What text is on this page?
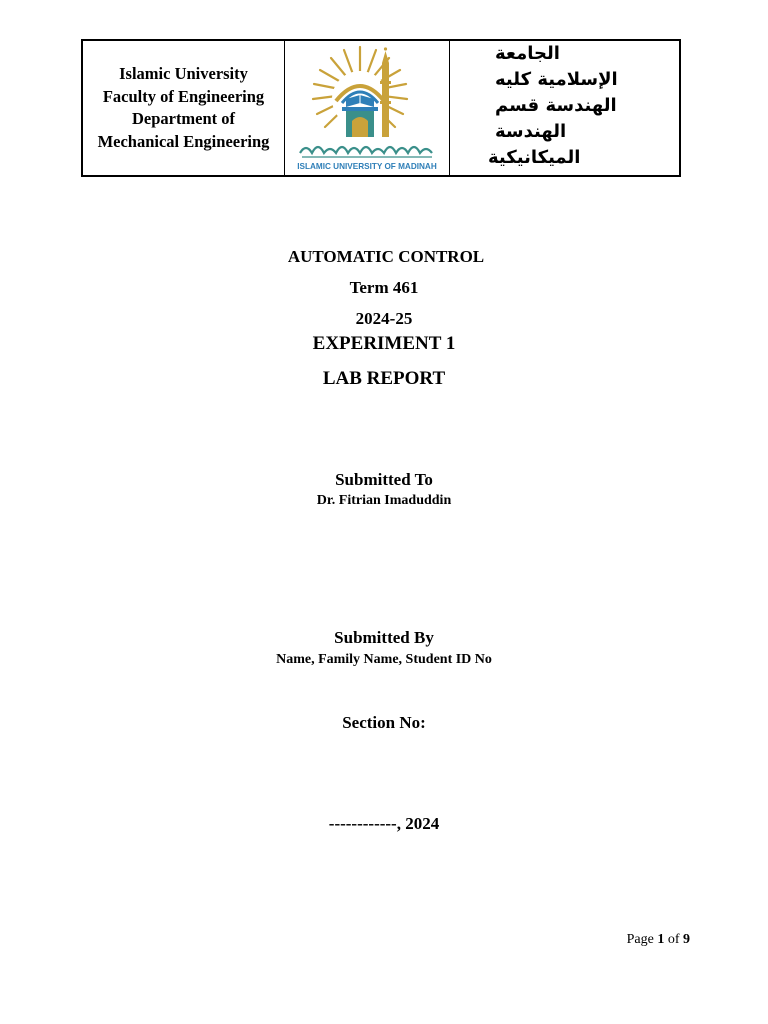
Islamic University
Faculty of Engineering
Department of
Mechanical Engineering
ISLAMIC UNIVERSITY OF MADINAH
الجامعة
الإسلامية كليه
الهندسة قسم
الهندسة
الميكانيكية
AUTOMATIC CONTROL
Term 461
2024-25
EXPERIMENT 1
LAB REPORT
Submitted To
Dr. Fitrian Imaduddin
Submitted By
Name, Family Name, Student ID No
Section No:
------------, 2024
Page 1 of 9
